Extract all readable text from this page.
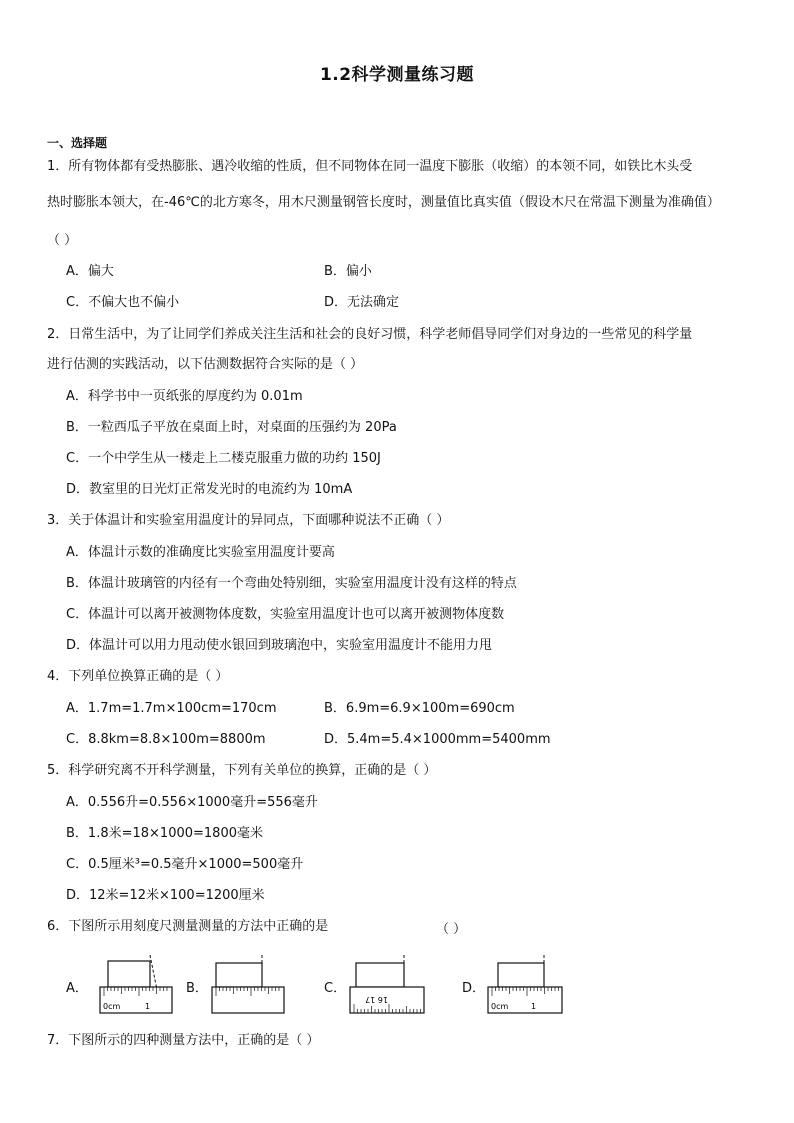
1.2科学测量练习题
一、选择题
1．所有物体都有受热膨胀、遇冷收缩的性质，但不同物体在同一温度下膨胀（收缩）的本领不同，如铁比木头受
热时膨胀本领大，在-46℃的北方寒冬，用木尺测量钢管长度时，测量值比真实值（假设木尺在常温下测量为准确值）
（ ）
A．偏大	B．偏小
C．不偏大也不偏小	D．无法确定
2．日常生活中，为了让同学们养成关注生活和社会的良好习惯，科学老师倡导同学们对身边的一些常见的科学量
进行估测的实践活动，以下估测数据符合实际的是（ ）
A．科学书中一页纸张的厚度约为 0.01m
B．一粒西瓜子平放在桌面上时，对桌面的压强约为 20Pa
C．一个中学生从一楼走上二楼克服重力做的功约 150J
D．教室里的日光灯正常发光时的电流约为 10mA
3．关于体温计和实验室用温度计的异同点，下面哪种说法不正确（ ）
A．体温计示数的准确度比实验室用温度计要高
B．体温计玻璃管的内径有一个弯曲处特别细，实验室用温度计没有这样的特点
C．体温计可以离开被测物体度数，实验室用温度计也可以离开被测物体度数
D．体温计可以用力甩动使水银回到玻璃泡中，实验室用温度计不能用力甩
4．下列单位换算正确的是（ ）
A．1.7m=1.7m×100cm=170cm	B．6.9m=6.9×100m=690cm
C．8.8km=8.8×100m=8800m	D．5.4m=5.4×1000mm=5400mm
5．科学研究离不开科学测量，下列有关单位的换算，正确的是（ ）
A．0.556升=0.556×1000毫升=556毫升
B．1.8米=18×1000=1800毫米
C．0.5厘米³=0.5毫升×1000=500毫升
D．12米=12米×100=1200厘米
6．下图所示用刻度尺测量测量的方法中正确的是	（ ）
A．
0cm	1
B．	C．
16 17
D．
0cm	1
7．下图所示的四种测量方法中，正确的是（ ）
